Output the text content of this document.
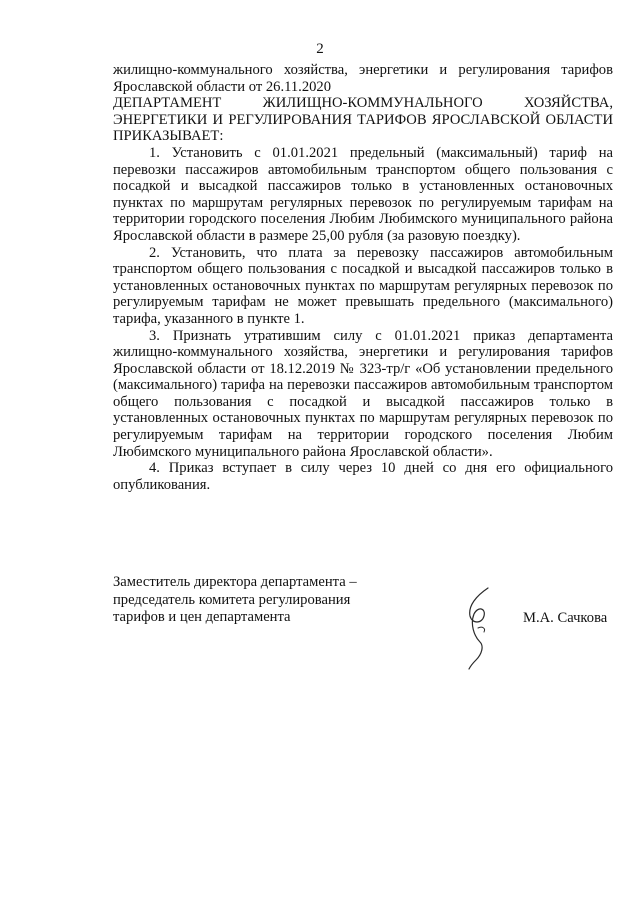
2

жилищно-коммунального хозяйства, энергетики и регулирования тарифов Ярославской области от 26.11.2020

ДЕПАРТАМЕНТ ЖИЛИЩНО-КОММУНАЛЬНОГО ХОЗЯЙСТВА, ЭНЕРГЕТИКИ И РЕГУЛИРОВАНИЯ ТАРИФОВ ЯРОСЛАВСКОЙ ОБЛАСТИ ПРИКАЗЫВАЕТ:

1. Установить с 01.01.2021 предельный (максимальный) тариф на перевозки пассажиров автомобильным транспортом общего пользования с посадкой и высадкой пассажиров только в установленных остановочных пунктах по маршрутам регулярных перевозок по регулируемым тарифам на территории городского поселения Любим Любимского муниципального района Ярославской области в размере 25,00 рубля (за разовую поездку).

2. Установить, что плата за перевозку пассажиров автомобильным транспортом общего пользования с посадкой и высадкой пассажиров только в установленных остановочных пунктах по маршрутам регулярных перевозок по регулируемым тарифам не может превышать предельного (максимального) тарифа, указанного в пункте 1.

3. Признать утратившим силу с 01.01.2021 приказ департамента жилищно-коммунального хозяйства, энергетики и регулирования тарифов Ярославской области от 18.12.2019 № 323-тр/г «Об установлении предельного (максимального) тарифа на перевозки пассажиров автомобильным транспортом общего пользования с посадкой и высадкой пассажиров только в установленных остановочных пунктах по маршрутам регулярных перевозок по регулируемым тарифам на территории городского поселения Любим Любимского муниципального района Ярославской области».

4. Приказ вступает в силу через 10 дней со дня его официального опубликования.

Заместитель директора департамента –
председатель комитета регулирования
тарифов и цен департамента	М.А. Сачкова
